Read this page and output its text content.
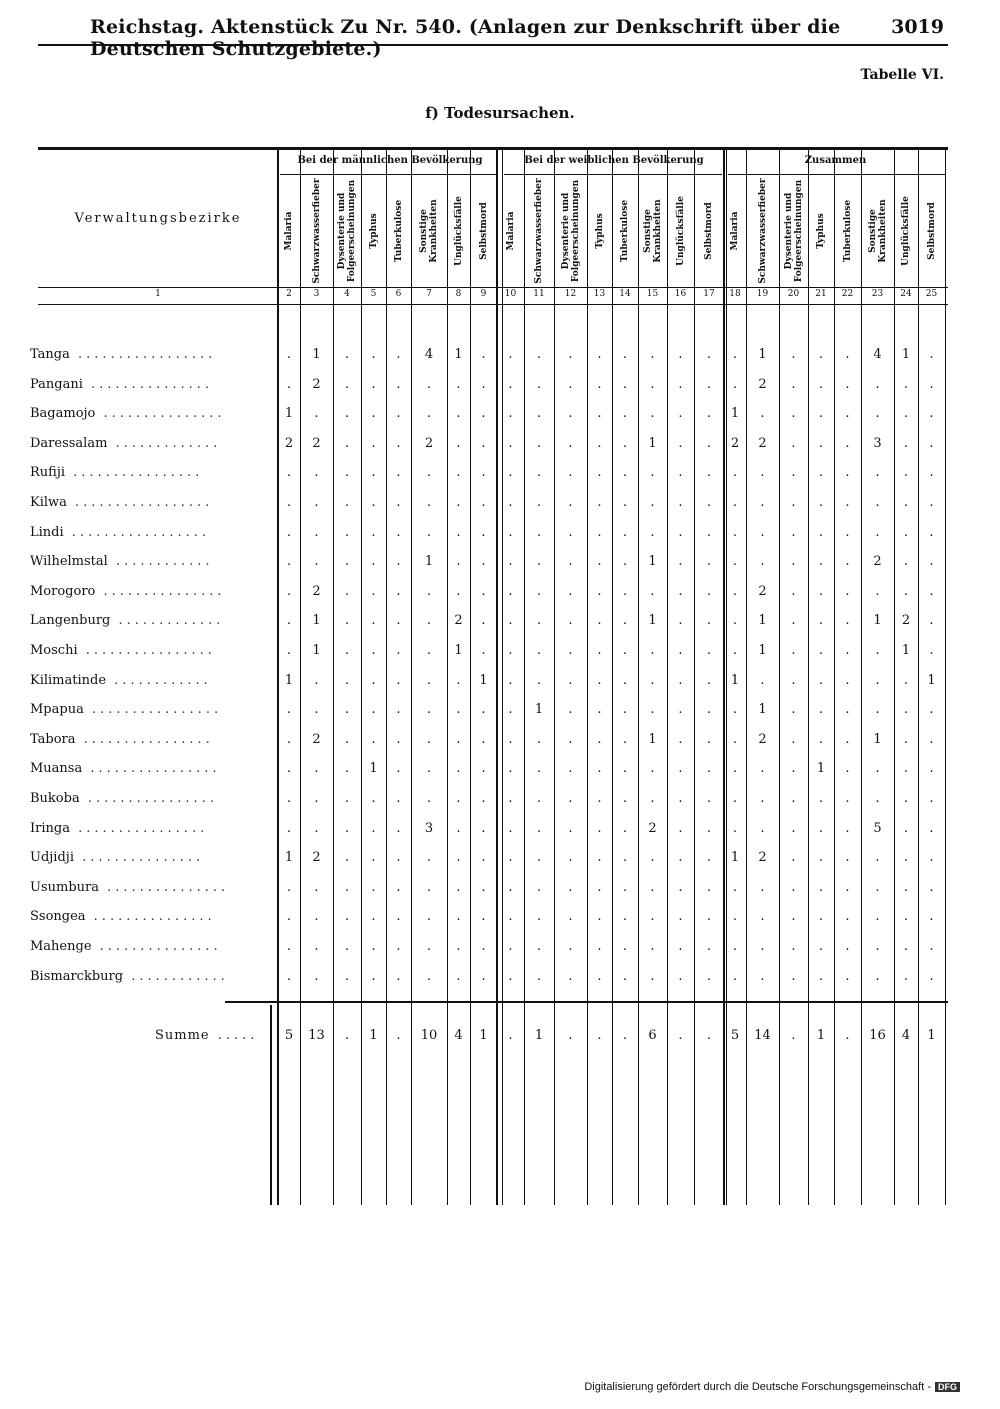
Reichstag. Aktenstück Zu Nr. 540. (Anlagen zur Denkschrift über die Deutschen Schutzgebiete.)
3019
Tabelle VI.
f) Todesursachen.
Verwaltungsbezirke
1
Bei der männlichen Bevölkerung	Bei der weiblichen Bevölkerung	Zusammen
Malaria
2
Schwarzwasserfieber
3
Dysenterie und
Folgeerscheinungen
4
Typhus
5
Tuberkulose
6
Sonstige
Krankheiten
7
Unglücksfälle
8
Selbstmord
9
Malaria
10
Schwarzwasserfieber
11
Dysenterie und
Folgeerscheinungen
12
Typhus
13
Tuberkulose
14
Sonstige
Krankheiten
15
Unglücksfälle
16
Selbstmord
17
Malaria
18
Schwarzwasserfieber
19
Dysenterie und
Folgeerscheinungen
20
Typhus
21
Tuberkulose
22
Sonstige
Krankheiten
23
Unglücksfälle
24
Selbstmord
25
Tanga .................	.	1	.	.	.	4	1	.	.	.	.	.	.	.	.	.	.	1	.	.	.	4	1	.
Pangani ...............	.	2	.	.	.	.	.	.	.	.	.	.	.	.	.	.	.	2	.	.	.	.	.	.
Bagamojo ...............	1	.	.	.	.	.	.	.	.	.	.	.	.	.	.	.	1	.	.	.	.	.	.	.
Daressalam .............	2	2	.	.	.	2	.	.	.	.	.	.	.	1	.	.	2	2	.	.	.	3	.	.
Rufiji ................	.	.	.	.	.	.	.	.	.	.	.	.	.	.	.	.	.	.	.	.	.	.	.	.
Kilwa .................	.	.	.	.	.	.	.	.	.	.	.	.	.	.	.	.	.	.	.	.	.	.	.	.
Lindi .................	.	.	.	.	.	.	.	.	.	.	.	.	.	.	.	.	.	.	.	.	.	.	.	.
Wilhelmstal ............	.	.	.	.	.	1	.	.	.	.	.	.	.	1	.	.	.	.	.	.	.	2	.	.
Morogoro ...............	.	2	.	.	.	.	.	.	.	.	.	.	.	.	.	.	.	2	.	.	.	.	.	.
Langenburg .............	.	1	.	.	.	.	2	.	.	.	.	.	.	1	.	.	.	1	.	.	.	1	2	.
Moschi ................	.	1	.	.	.	.	1	.	.	.	.	.	.	.	.	.	.	1	.	.	.	.	1	.
Kilimatinde ............	1	.	.	.	.	.	.	1	.	.	.	.	.	.	.	.	1	.	.	.	.	.	.	1
Mpapua ................	.	.	.	.	.	.	.	.	.	1	.	.	.	.	.	.	.	1	.	.	.	.	.	.
Tabora ................	.	2	.	.	.	.	.	.	.	.	.	.	.	1	.	.	.	2	.	.	.	1	.	.
Muansa ................	.	.	.	1	.	.	.	.	.	.	.	.	.	.	.	.	.	.	.	1	.	.	.	.
Bukoba ................	.	.	.	.	.	.	.	.	.	.	.	.	.	.	.	.	.	.	.	.	.	.	.	.
Iringa ................	.	.	.	.	.	3	.	.	.	.	.	.	.	2	.	.	.	.	.	.	.	5	.	.
Udjidji ...............	1	2	.	.	.	.	.	.	.	.	.	.	.	.	.	.	1	2	.	.	.	.	.	.
Usumbura ...............	.	.	.	.	.	.	.	.	.	.	.	.	.	.	.	.	.	.	.	.	.	.	.	.
Ssongea ...............	.	.	.	.	.	.	.	.	.	.	.	.	.	.	.	.	.	.	.	.	.	.	.	.
Mahenge ...............	.	.	.	.	.	.	.	.	.	.	.	.	.	.	.	.	.	.	.	.	.	.	.	.
Bismarckburg ............	.	.	.	.	.	.	.	.	.	.	.	.	.	.	.	.	.	.	.	.	.	.	.	.
Summe .....	5	13	.	1	.	10	4	1	.	1	.	.	.	6	.	.	5	14	.	1	.	16	4	1
Digitalisierung gefördert durch die Deutsche Forschungsgemeinschaft - DFG
